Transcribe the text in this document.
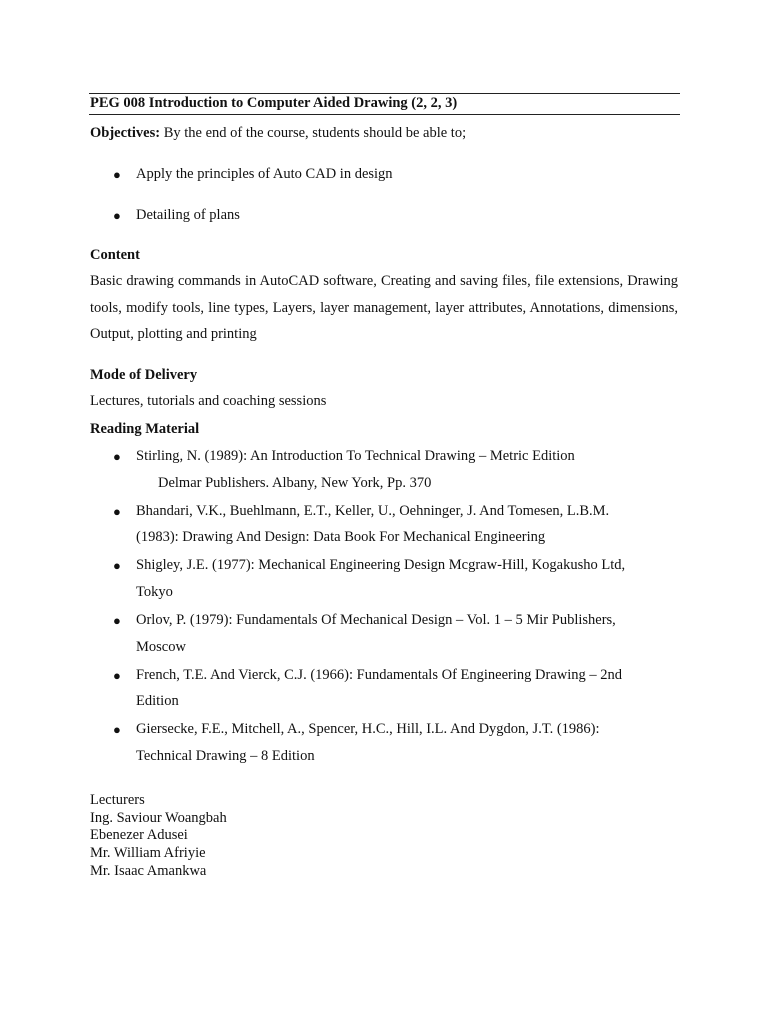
PEG 008 Introduction to Computer Aided Drawing (2, 2, 3)
Objectives: By the end of the course, students should be able to;
● Apply the principles of Auto CAD in design
● Detailing of plans
Content
Basic drawing commands in AutoCAD software, Creating and saving files, file extensions, Drawing tools, modify tools, line types, Layers, layer management, layer attributes, Annotations, dimensions, Output, plotting and printing
Mode of Delivery
Lectures, tutorials and coaching sessions
Reading Material
● Stirling, N. (1989): An Introduction To Technical Drawing – Metric Edition
Delmar Publishers. Albany, New York, Pp. 370
● Bhandari, V.K., Buehlmann, E.T., Keller, U., Oehninger, J. And Tomesen, L.B.M.
(1983): Drawing And Design: Data Book For Mechanical Engineering
● Shigley, J.E. (1977): Mechanical Engineering Design Mcgraw-Hill, Kogakusho Ltd,
Tokyo
● Orlov, P. (1979): Fundamentals Of Mechanical Design – Vol. 1 – 5 Mir Publishers,
Moscow
● French, T.E. And Vierck, C.J. (1966): Fundamentals Of Engineering Drawing – 2nd
Edition
● Giersecke, F.E., Mitchell, A., Spencer, H.C., Hill, I.L. And Dygdon, J.T. (1986):
Technical Drawing – 8 Edition
Lecturers
Ing. Saviour Woangbah
Ebenezer Adusei
Mr. William Afriyie
Mr. Isaac Amankwa
